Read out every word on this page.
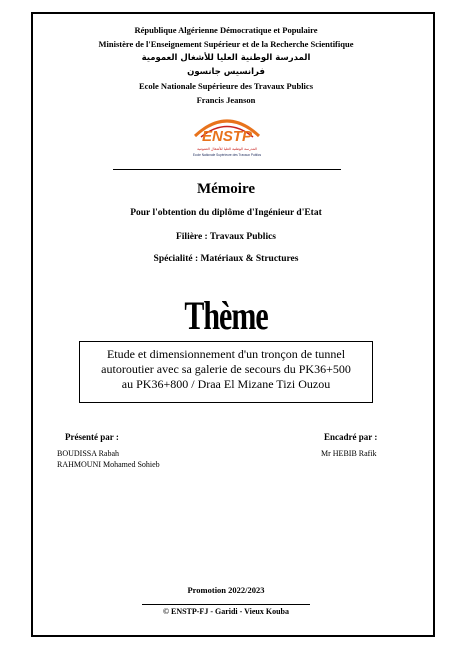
République Algérienne Démocratique et Populaire
Ministère de l'Enseignement Supérieur et de la Recherche Scientifique
المدرسة الوطنية العليا للأشغال العمومية
فرانسيس جانسون
Ecole Nationale Supérieure des Travaux Publics
Francis Jeanson
ENSTP
المدرسة الوطنية العليا للأشغال العمومية
Ecole Nationale Supérieure des Travaux Publics
Mémoire
Pour l'obtention du diplôme d'Ingénieur d'Etat
Filière : Travaux Publics
Spécialité : Matériaux & Structures
Thème
Etude et dimensionnement d'un tronçon de tunnel
autoroutier avec sa galerie de secours du PK36+500
au PK36+800 / Draa El Mizane Tizi Ouzou
Présenté par :
BOUDISSA Rabah
RAHMOUNI Mohamed Sohieb
Encadré par :
Mr HEBIB Rafik
Promotion 2022/2023
© ENSTP-FJ - Garidi - Vieux Kouba
